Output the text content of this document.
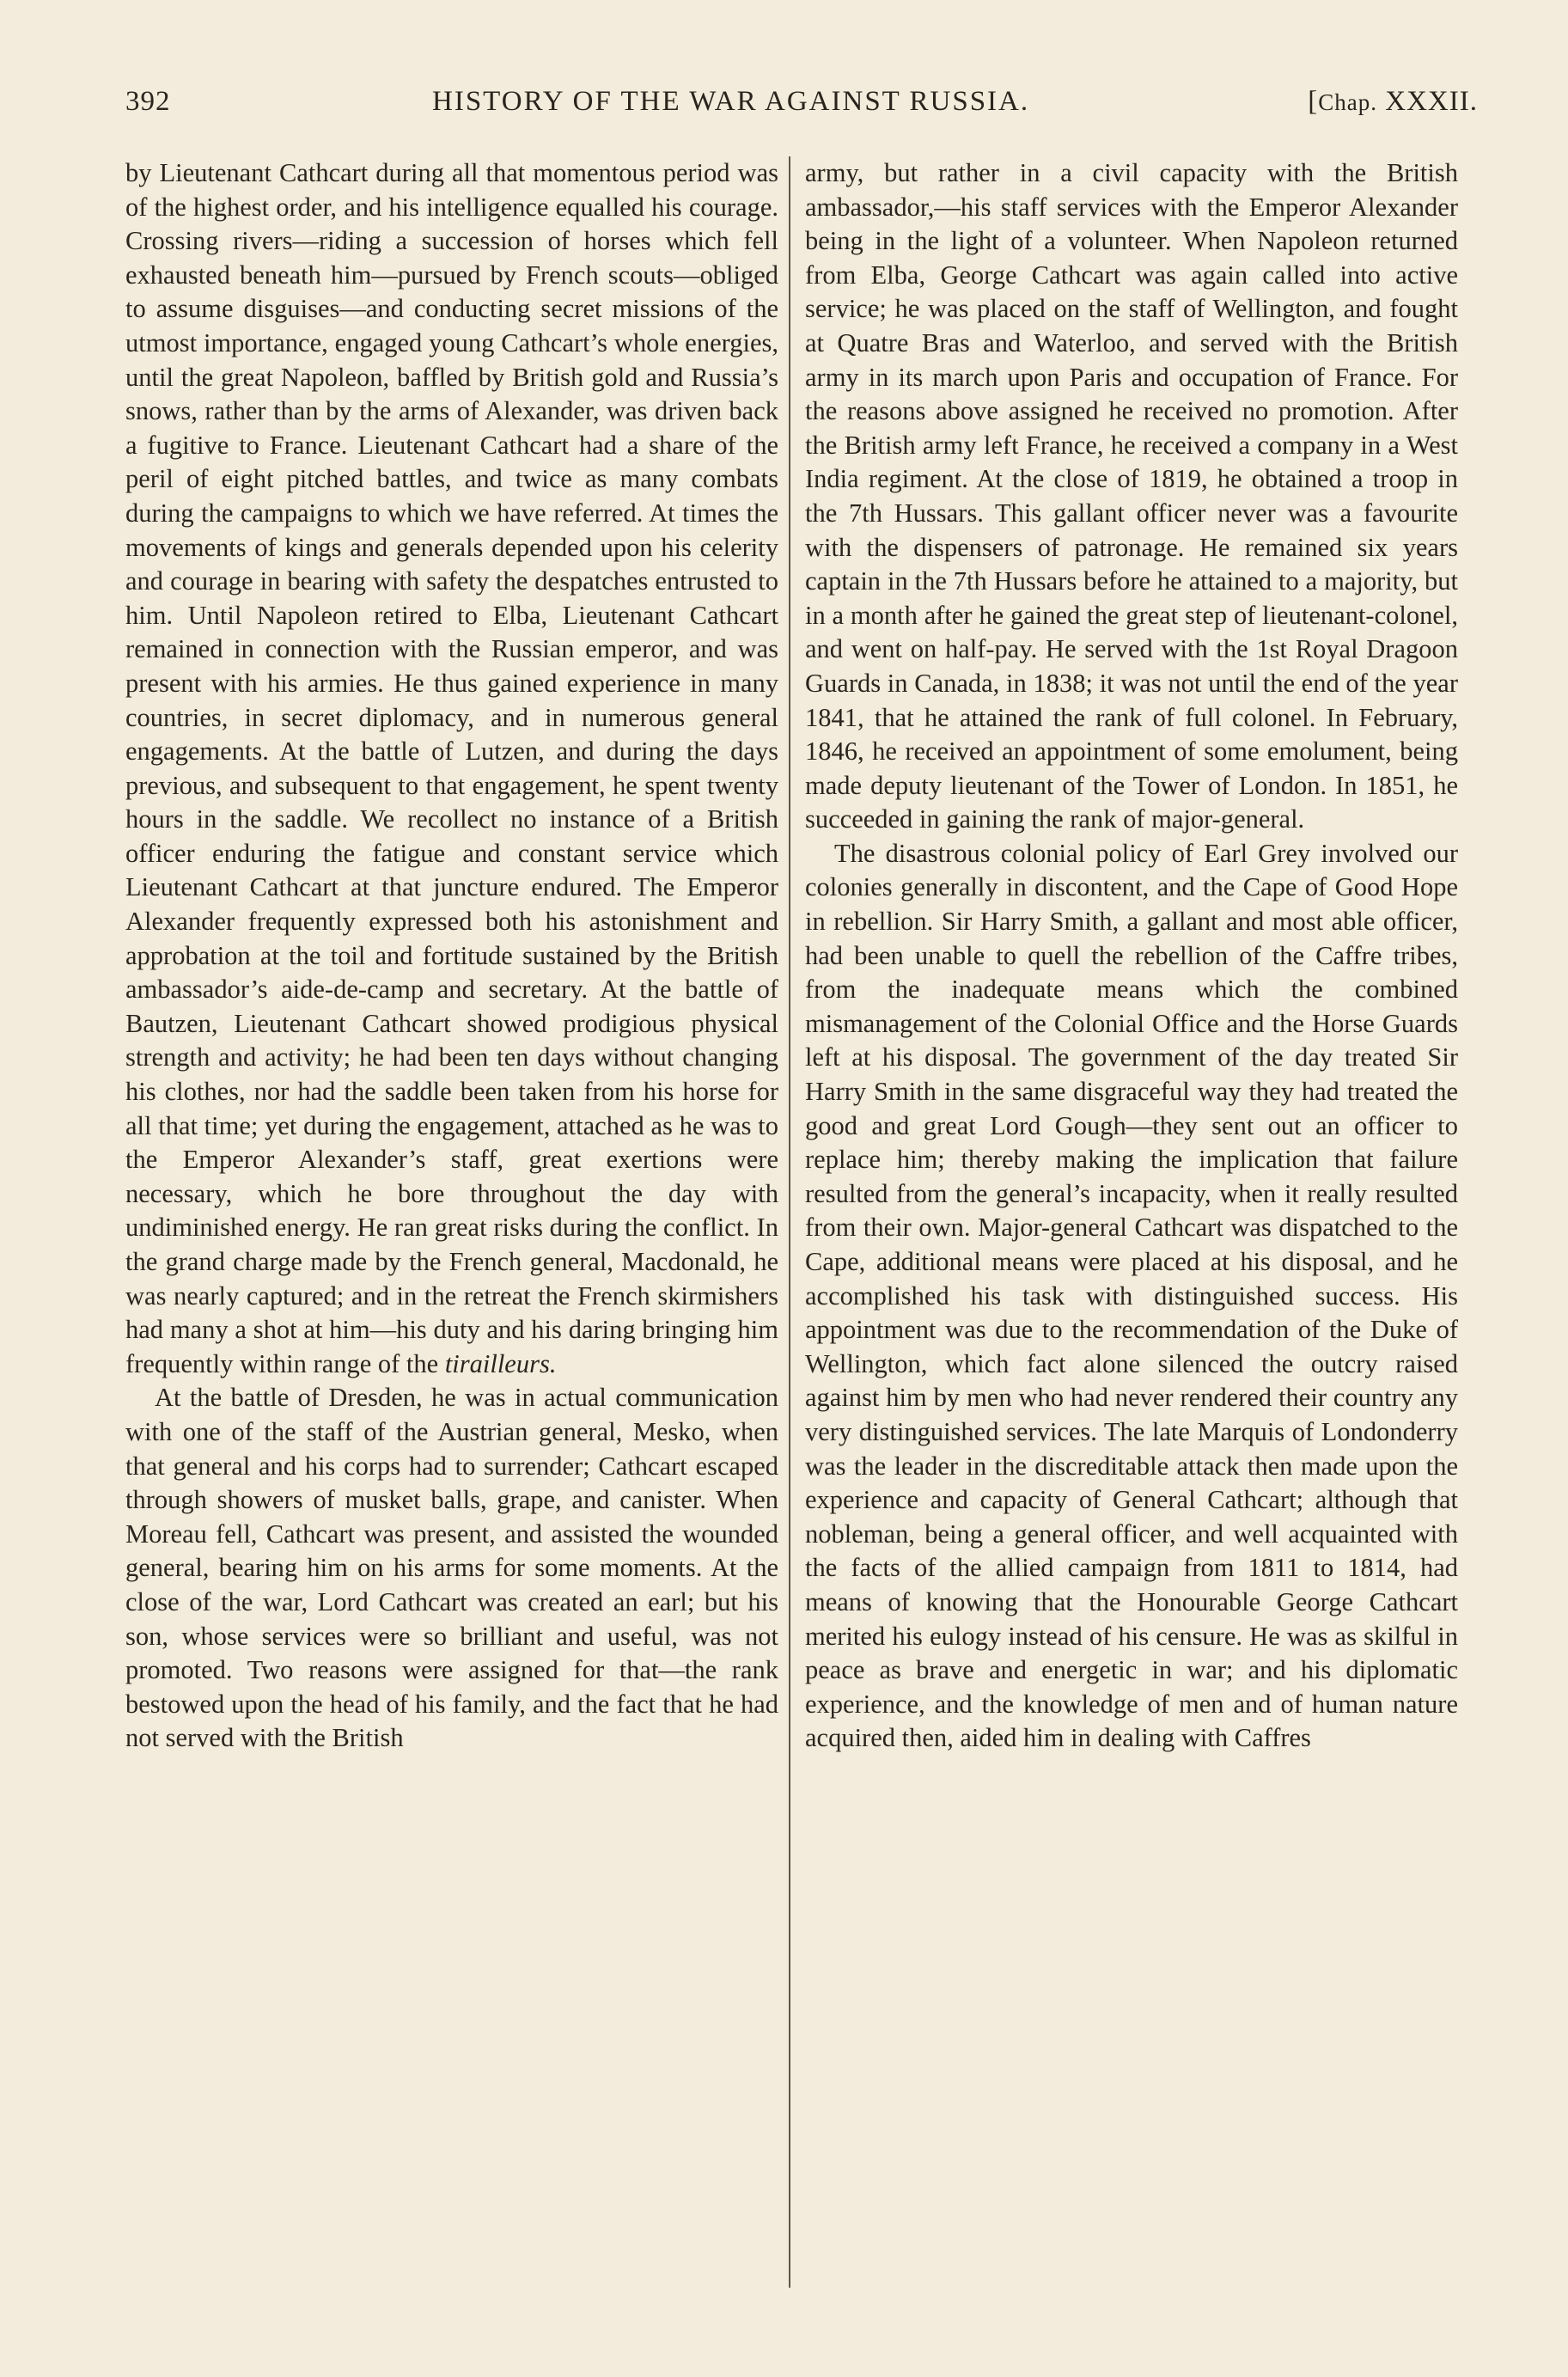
392	HISTORY OF THE WAR AGAINST RUSSIA.	[Chap. XXXII.

by Lieutenant Cathcart during all that momentous period was of the highest order, and his intelligence equalled his courage. Crossing rivers—riding a succession of horses which fell exhausted beneath him—pursued by French scouts—obliged to assume disguises—and conducting secret missions of the utmost importance, engaged young Cathcart’s whole energies, until the great Napoleon, baffled by British gold and Russia’s snows, rather than by the arms of Alexander, was driven back a fugitive to France. Lieutenant Cathcart had a share of the peril of eight pitched battles, and twice as many combats during the campaigns to which we have referred. At times the movements of kings and generals depended upon his celerity and courage in bearing with safety the despatches entrusted to him. Until Napoleon retired to Elba, Lieutenant Cathcart remained in connection with the Russian emperor, and was present with his armies. He thus gained experience in many countries, in secret diplomacy, and in numerous general engagements. At the battle of Lutzen, and during the days previous, and subsequent to that engagement, he spent twenty hours in the saddle. We recollect no instance of a British officer enduring the fatigue and constant service which Lieutenant Cathcart at that juncture endured. The Emperor Alexander frequently expressed both his astonishment and approbation at the toil and fortitude sustained by the British ambassador’s aide-de-camp and secretary. At the battle of Bautzen, Lieutenant Cathcart showed prodigious physical strength and activity; he had been ten days without changing his clothes, nor had the saddle been taken from his horse for all that time; yet during the engagement, attached as he was to the Emperor Alexander’s staff, great exertions were necessary, which he bore throughout the day with undiminished energy. He ran great risks during the conflict. In the grand charge made by the French general, Macdonald, he was nearly captured; and in the retreat the French skirmishers had many a shot at him—his duty and his daring bringing him frequently within range of the tirailleurs.

At the battle of Dresden, he was in actual communication with one of the staff of the Austrian general, Mesko, when that general and his corps had to surrender; Cathcart escaped through showers of musket balls, grape, and canister. When Moreau fell, Cathcart was present, and assisted the wounded general, bearing him on his arms for some moments. At the close of the war, Lord Cathcart was created an earl; but his son, whose services were so brilliant and useful, was not promoted. Two reasons were assigned for that—the rank bestowed upon the head of his family, and the fact that he had not served with the British

army, but rather in a civil capacity with the British ambassador,—his staff services with the Emperor Alexander being in the light of a volunteer. When Napoleon returned from Elba, George Cathcart was again called into active service; he was placed on the staff of Wellington, and fought at Quatre Bras and Waterloo, and served with the British army in its march upon Paris and occupation of France. For the reasons above assigned he received no promotion. After the British army left France, he received a company in a West India regiment. At the close of 1819, he obtained a troop in the 7th Hussars. This gallant officer never was a favourite with the dispensers of patronage. He remained six years captain in the 7th Hussars before he attained to a majority, but in a month after he gained the great step of lieutenant-colonel, and went on half-pay. He served with the 1st Royal Dragoon Guards in Canada, in 1838; it was not until the end of the year 1841, that he attained the rank of full colonel. In February, 1846, he received an appointment of some emolument, being made deputy lieutenant of the Tower of London. In 1851, he succeeded in gaining the rank of major-general.

The disastrous colonial policy of Earl Grey involved our colonies generally in discontent, and the Cape of Good Hope in rebellion. Sir Harry Smith, a gallant and most able officer, had been unable to quell the rebellion of the Caffre tribes, from the inadequate means which the combined mismanagement of the Colonial Office and the Horse Guards left at his disposal. The government of the day treated Sir Harry Smith in the same disgraceful way they had treated the good and great Lord Gough—they sent out an officer to replace him; thereby making the implication that failure resulted from the general’s incapacity, when it really resulted from their own. Major-general Cathcart was dispatched to the Cape, additional means were placed at his disposal, and he accomplished his task with distinguished success. His appointment was due to the recommendation of the Duke of Wellington, which fact alone silenced the outcry raised against him by men who had never rendered their country any very distinguished services. The late Marquis of Londonderry was the leader in the discreditable attack then made upon the experience and capacity of General Cathcart; although that nobleman, being a general officer, and well acquainted with the facts of the allied campaign from 1811 to 1814, had means of knowing that the Honourable George Cathcart merited his eulogy instead of his censure. He was as skilful in peace as brave and energetic in war; and his diplomatic experience, and the knowledge of men and of human nature acquired then, aided him in dealing with Caffres
